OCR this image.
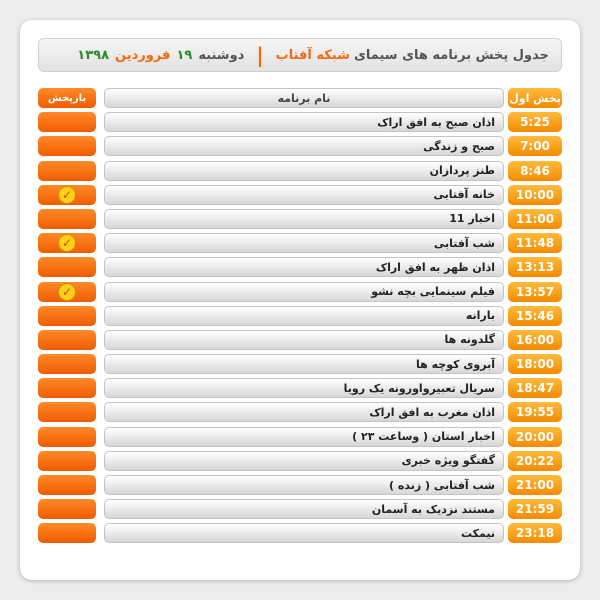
جدول پخش برنامه های سیمای
شبکه آفتاب
|
دوشنبه
۱۹
فروردین
۱۳۹۸
پخش اول
نام برنامه
بازپخش
5:25
اذان صبح به افق اراک
7:00
صبح و زندگی
8:46
طنز پردازان
10:00
خانه آفتابی
✓
11:00
اخبار 11
11:48
شب آفتابی
✓
13:13
اذان ظهر به افق اراک
13:57
فیلم سینمایی بچه نشو
✓
15:46
بارانه
16:00
گلدونه ها
18:00
آبروی کوچه ها
18:47
سریال تعبیرواورونه یک رویا
19:55
اذان مغرب به افق اراک
20:00
اخبار استان ( وساعت ۲۳ )
20:22
گفتگو ویژه خبری
21:00
شب آفتابی ( زنده )
21:59
مستند نزدیک به آسمان
23:18
نیمکت
